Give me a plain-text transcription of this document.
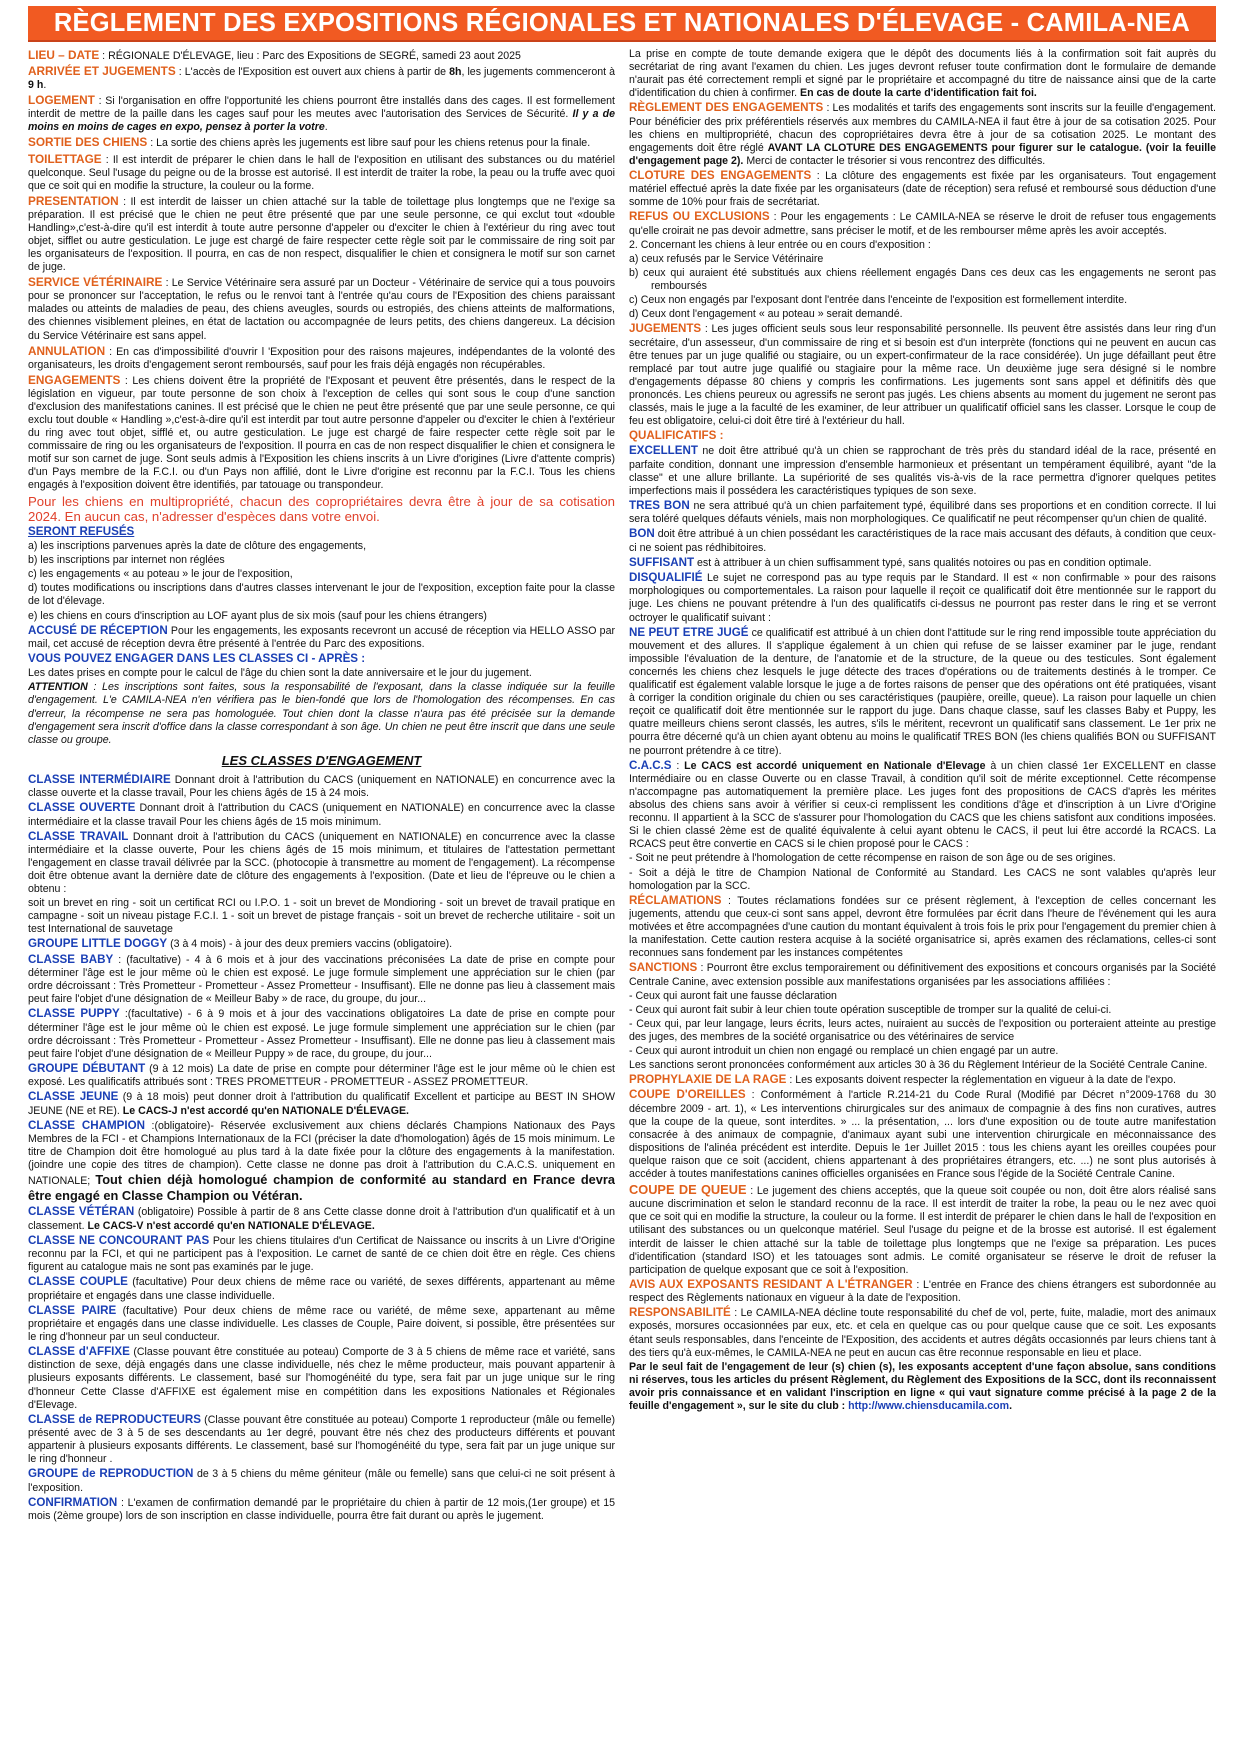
RÈGLEMENT DES EXPOSITIONS RÉGIONALES ET NATIONALES D'ÉLEVAGE - CAMILA-NEA

LIEU – DATE : RÉGIONALE D'ÉLEVAGE, lieu : Parc des Expositions de SEGRÉ, samedi 23 aout 2025

ARRIVÉE ET JUGEMENTS : L'accès de l'Exposition est ouvert aux chiens à partir de 8h, les jugements commenceront à 9 h.

LOGEMENT : Si l'organisation en offre l'opportunité les chiens pourront être installés dans des cages. Il est formellement interdit de mettre de la paille dans les cages sauf pour les meutes avec l'autorisation des Services de Sécurité. Il y a de moins en moins de cages en expo, pensez à porter la votre.

SORTIE DES CHIENS : La sortie des chiens après les jugements est libre sauf pour les chiens retenus pour la finale.

TOILETTAGE : Il est interdit de préparer le chien dans le hall de l'exposition en utilisant des substances ou du matériel quelconque. Seul l'usage du peigne ou de la brosse est autorisé. Il est interdit de traiter la robe, la peau ou la truffe avec quoi que ce soit qui en modifie la structure, la couleur ou la forme.

PRESENTATION : Il est interdit de laisser un chien attaché sur la table de toilettage plus longtemps que ne l'exige sa préparation. Il est précisé que le chien ne peut être présenté que par une seule personne, ce qui exclut tout «double Handling»,c'est-à-dire qu'il est interdit à toute autre personne d'appeler ou d'exciter le chien à l'extérieur du ring avec tout objet, sifflet ou autre gesticulation. Le juge est chargé de faire respecter cette règle soit par le commissaire de ring soit par les organisateurs de l'exposition. Il pourra, en cas de non respect, disqualifier le chien et consignera le motif sur son carnet de juge.

SERVICE VÉTÉRINAIRE : Le Service Vétérinaire sera assuré par un Docteur - Vétérinaire de service qui a tous pouvoirs pour se prononcer sur l'acceptation, le refus ou le renvoi tant à l'entrée qu'au cours de l'Exposition des chiens paraissant malades ou atteints de maladies de peau, des chiens aveugles, sourds ou estropiés, des chiens atteints de malformations, des chiennes visiblement pleines, en état de lactation ou accompagnée de leurs petits, des chiens dangereux. La décision du Service Vétérinaire est sans appel.

ANNULATION : En cas d'impossibilité d'ouvrir l 'Exposition pour des raisons majeures, indépendantes de la volonté des organisateurs, les droits d'engagement seront remboursés, sauf pour les frais déjà engagés non récupérables.

ENGAGEMENTS : Les chiens doivent être la propriété de l'Exposant et peuvent être présentés, dans le respect de la législation en vigueur, par toute personne de son choix à l'exception de celles qui sont sous le coup d'une sanction d'exclusion des manifestations canines. Il est précisé que le chien ne peut être présenté que par une seule personne, ce qui exclu tout double « Handling »,c'est-à-dire qu'il est interdit par tout autre personne d'appeler ou d'exciter le chien à l'extérieur du ring avec tout objet, sifflé et, ou autre gesticulation. Le juge est chargé de faire respecter cette règle soit par le commissaire de ring ou les organisateurs de l'exposition. Il pourra en cas de non respect disqualifier le chien et consignera le motif sur son carnet de juge. Sont seuls admis à l'Exposition les chiens inscrits à un Livre d'origines (Livre d'attente compris) d'un Pays membre de la F.C.I. ou d'un Pays non affilié, dont le Livre d'origine est reconnu par la F.C.I. Tous les chiens engagés à l'exposition doivent être identifiés, par tatouage ou transpondeur.

Pour les chiens en multipropriété, chacun des copropriétaires devra être à jour de sa cotisation 2024. En aucun cas, n'adresser d'espèces dans votre envoi.

SERONT REFUSÉS

a) les inscriptions parvenues après la date de clôture des engagements,

b) les inscriptions par internet non réglées

c) les engagements « au poteau » le jour de l'exposition,

d) toutes modifications ou inscriptions dans d'autres classes intervenant le jour de l'exposition, exception faite pour la classe de lot d'élevage.

e) les chiens en cours d'inscription au LOF ayant plus de six mois (sauf pour les chiens étrangers)

ACCUSÉ DE RÉCEPTION Pour les engagements, les exposants recevront un accusé de réception via HELLO ASSO par mail, cet accusé de réception devra être présenté à l'entrée du Parc des expositions.

VOUS POUVEZ ENGAGER DANS LES CLASSES CI - APRÈS :

Les dates prises en compte pour le calcul de l'âge du chien sont la date anniversaire et le jour du jugement.

ATTENTION : Les inscriptions sont faites, sous la responsabilité de l'exposant, dans la classe indiquée sur la feuille d'engagement. L'e CAMILA-NEA n'en vérifiera pas le bien-fondé que lors de l'homologation des récompenses. En cas d'erreur, la récompense ne sera pas homologuée. Tout chien dont la classe n'aura pas été précisée sur la demande d'engagement sera inscrit d'office dans la classe correspondant à son âge. Un chien ne peut être inscrit que dans une seule classe ou groupe.

LES CLASSES D'ENGAGEMENT

CLASSE INTERMÉDIAIRE Donnant droit à l'attribution du CACS (uniquement en NATIONALE) en concurrence avec la classe ouverte et la classe travail, Pour les chiens âgés de 15 à 24 mois.

CLASSE OUVERTE Donnant droit à l'attribution du CACS (uniquement en NATIONALE) en concurrence avec la classe intermédiaire et la classe travail Pour les chiens âgés de 15 mois minimum.

CLASSE TRAVAIL Donnant droit à l'attribution du CACS (uniquement en NATIONALE) en concurrence avec la classe intermédiaire et la classe ouverte, Pour les chiens âgés de 15 mois minimum, et titulaires de l'attestation permettant l'engagement en classe travail délivrée par la SCC. (photocopie à transmettre au moment de l'engagement). La récompense doit être obtenue avant la dernière date de clôture des engagements à l'exposition. (Date et lieu de l'épreuve ou le chien a obtenu :

soit un brevet en ring - soit un certificat RCI ou I.P.O. 1 - soit un brevet de Mondioring - soit un brevet de travail pratique en campagne - soit un niveau pistage F.C.I. 1 - soit un brevet de pistage français - soit un brevet de recherche utilitaire - soit un test International de sauvetage

GROUPE LITTLE DOGGY (3 à 4 mois) - à jour des deux premiers vaccins (obligatoire).

CLASSE BABY : (facultative) - 4 à 6 mois et à jour des vaccinations préconisées La date de prise en compte pour déterminer l'âge est le jour même où le chien est exposé. Le juge formule simplement une appréciation sur le chien (par ordre décroissant : Très Prometteur - Prometteur - Assez Prometteur - Insuffisant). Elle ne donne pas lieu à classement mais peut faire l'objet d'une désignation de « Meilleur Baby » de race, du groupe, du jour...

CLASSE PUPPY :(facultative) - 6 à 9 mois et à jour des vaccinations obligatoires La date de prise en compte pour déterminer l'âge est le jour même où le chien est exposé. Le juge formule simplement une appréciation sur le chien (par ordre décroissant : Très Prometteur - Prometteur - Assez Prometteur - Insuffisant). Elle ne donne pas lieu à classement mais peut faire l'objet d'une désignation de « Meilleur Puppy » de race, du groupe, du jour...

GROUPE DÉBUTANT (9 à 12 mois) La date de prise en compte pour déterminer l'âge est le jour même où le chien est exposé. Les qualificatifs attribués sont : TRES PROMETTEUR - PROMETTEUR - ASSEZ PROMETTEUR.

CLASSE JEUNE (9 à 18 mois) peut donner droit à l'attribution du qualificatif Excellent et participe au BEST IN SHOW JEUNE (NE et RE). Le CACS-J n'est accordé qu'en NATIONALE D'ÉLEVAGE.

CLASSE CHAMPION :(obligatoire)- Réservée exclusivement aux chiens déclarés Champions Nationaux des Pays Membres de la FCI - et Champions Internationaux de la FCI (préciser la date d'homologation) âgés de 15 mois minimum. Le titre de Champion doit être homologué au plus tard à la date fixée pour la clôture des engagements à la manifestation. (joindre une copie des titres de champion). Cette classe ne donne pas droit à l'attribution du C.A.C.S. uniquement en NATIONALE; Tout chien déjà homologué champion de conformité au standard en France devra être engagé en Classe Champion ou Vétéran.

CLASSE VÉTÉRAN (obligatoire) Possible à partir de 8 ans Cette classe donne droit à l'attribution d'un qualificatif et à un classement. Le CACS-V n'est accordé qu'en NATIONALE D'ÉLEVAGE.

CLASSE NE CONCOURANT PAS Pour les chiens titulaires d'un Certificat de Naissance ou inscrits à un Livre d'Origine reconnu par la FCI, et qui ne participent pas à l'exposition. Le carnet de santé de ce chien doit être en règle. Ces chiens figurent au catalogue mais ne sont pas examinés par le juge.

CLASSE COUPLE (facultative) Pour deux chiens de même race ou variété, de sexes différents, appartenant au même propriétaire et engagés dans une classe individuelle.

CLASSE PAIRE (facultative) Pour deux chiens de même race ou variété, de même sexe, appartenant au même propriétaire et engagés dans une classe individuelle. Les classes de Couple, Paire doivent, si possible, être présentées sur le ring d'honneur par un seul conducteur.

CLASSE d'AFFIXE (Classe pouvant être constituée au poteau) Comporte de 3 à 5 chiens de même race et variété, sans distinction de sexe, déjà engagés dans une classe individuelle, nés chez le même producteur, mais pouvant appartenir à plusieurs exposants différents. Le classement, basé sur l'homogénéité du type, sera fait par un juge unique sur le ring d'honneur Cette Classe d'AFFIXE est également mise en compétition dans les expositions Nationales et Régionales d'Elevage.

CLASSE de REPRODUCTEURS (Classe pouvant être constituée au poteau) Comporte 1 reproducteur (mâle ou femelle) présenté avec de 3 à 5 de ses descendants au 1er degré, pouvant être nés chez des producteurs différents et pouvant appartenir à plusieurs exposants différents. Le classement, basé sur l'homogénéité du type, sera fait par un juge unique sur le ring d'honneur .

GROUPE de REPRODUCTION de 3 à 5 chiens du même géniteur (mâle ou femelle) sans que celui-ci ne soit présent à l'exposition.

CONFIRMATION : L'examen de confirmation demandé par le propriétaire du chien à partir de 12 mois,(1er groupe) et 15 mois (2ème groupe) lors de son inscription en classe individuelle, pourra être fait durant ou après le jugement.

La prise en compte de toute demande exigera que le dépôt des documents liés à la confirmation soit fait auprès du secrétariat de ring avant l'examen du chien. Les juges devront refuser toute confirmation dont le formulaire de demande n'aurait pas été correctement rempli et signé par le propriétaire et accompagné du titre de naissance ainsi que de la carte d'identification du chien à confirmer. En cas de doute la carte d'identification fait foi.

RÈGLEMENT DES ENGAGEMENTS : Les modalités et tarifs des engagements sont inscrits sur la feuille d'engagement. Pour bénéficier des prix préférentiels réservés aux membres du CAMILA-NEA il faut être à jour de sa cotisation 2025. Pour les chiens en multipropriété, chacun des copropriétaires devra être à jour de sa cotisation 2025. Le montant des engagements doit être réglé AVANT LA CLOTURE DES ENGAGEMENTS pour figurer sur le catalogue. (voir la feuille d'engagement page 2). Merci de contacter le trésorier si vous rencontrez des difficultés.

CLOTURE DES ENGAGEMENTS : La clôture des engagements est fixée par les organisateurs. Tout engagement matériel effectué après la date fixée par les organisateurs (date de réception) sera refusé et remboursé sous déduction d'une somme de 10% pour frais de secrétariat.

REFUS OU EXCLUSIONS : Pour les engagements : Le CAMILA-NEA se réserve le droit de refuser tous engagements qu'elle croirait ne pas devoir admettre, sans préciser le motif, et de les rembourser même après les avoir acceptés.

2. Concernant les chiens à leur entrée ou en cours d'exposition :

a) ceux refusés par le Service Vétérinaire

b) ceux qui auraient été substitués aux chiens réellement engagés Dans ces deux cas les engagements ne seront pas remboursés

c) Ceux non engagés par l'exposant dont l'entrée dans l'enceinte de l'exposition est formellement interdite.

d) Ceux dont l'engagement « au poteau » serait demandé.

JUGEMENTS : Les juges officient seuls sous leur responsabilité personnelle. Ils peuvent être assistés dans leur ring d'un secrétaire, d'un assesseur, d'un commissaire de ring et si besoin est d'un interprète (fonctions qui ne peuvent en aucun cas être tenues par un juge qualifié ou stagiaire, ou un expert-confirmateur de la race considérée). Un juge défaillant peut être remplacé par tout autre juge qualifié ou stagiaire pour la même race. Un deuxième juge sera désigné si le nombre d'engagements dépasse 80 chiens y compris les confirmations. Les jugements sont sans appel et définitifs dès que prononcés. Les chiens peureux ou agressifs ne seront pas jugés. Les chiens absents au moment du jugement ne seront pas classés, mais le juge a la faculté de les examiner, de leur attribuer un qualificatif officiel sans les classer. Lorsque le coup de feu est obligatoire, celui-ci doit être tiré à l'extérieur du hall.

QUALIFICATIFS :

EXCELLENT ne doit être attribué qu'à un chien se rapprochant de très près du standard idéal de la race, présenté en parfaite condition, donnant une impression d'ensemble harmonieux et présentant un tempérament équilibré, ayant "de la classe" et une allure brillante. La supériorité de ses qualités vis-à-vis de la race permettra d'ignorer quelques petites imperfections mais il possédera les caractéristiques typiques de son sexe.

TRES BON ne sera attribué qu'à un chien parfaitement typé, équilibré dans ses proportions et en condition correcte. Il lui sera toléré quelques défauts véniels, mais non morphologiques. Ce qualificatif ne peut récompenser qu'un chien de qualité.

BON doit être attribué à un chien possédant les caractéristiques de la race mais accusant des défauts, à condition que ceux-ci ne soient pas rédhibitoires.

SUFFISANT est à attribuer à un chien suffisamment typé, sans qualités notoires ou pas en condition optimale.

DISQUALIFIÉ Le sujet ne correspond pas au type requis par le Standard. Il est « non confirmable » pour des raisons morphologiques ou comportementales. La raison pour laquelle il reçoit ce qualificatif doit être mentionnée sur le rapport du juge. Les chiens ne pouvant prétendre à l'un des qualificatifs ci-dessus ne pourront pas rester dans le ring et se verront octroyer le qualificatif suivant :

NE PEUT ETRE JUGÉ ce qualificatif est attribué à un chien dont l'attitude sur le ring rend impossible toute appréciation du mouvement et des allures. Il s'applique également à un chien qui refuse de se laisser examiner par le juge, rendant impossible l'évaluation de la denture, de l'anatomie et de la structure, de la queue ou des testicules. Sont également concernés les chiens chez lesquels le juge détecte des traces d'opérations ou de traitements destinés à le tromper. Ce qualificatif est également valable lorsque le juge a de fortes raisons de penser que des opérations ont été pratiquées, visant à corriger la condition originale du chien ou ses caractéristiques (paupière, oreille, queue). La raison pour laquelle un chien reçoit ce qualificatif doit être mentionnée sur le rapport du juge. Dans chaque classe, sauf les classes Baby et Puppy, les quatre meilleurs chiens seront classés, les autres, s'ils le méritent, recevront un qualificatif sans classement. Le 1er prix ne pourra être décerné qu'à un chien ayant obtenu au moins le qualificatif TRES BON (les chiens qualifiés BON ou SUFFISANT ne pourront prétendre à ce titre).

C.A.C.S : Le CACS est accordé uniquement en Nationale d'Elevage à un chien classé 1er EXCELLENT en classe Intermédiaire ou en classe Ouverte ou en classe Travail, à condition qu'il soit de mérite exceptionnel. Cette récompense n'accompagne pas automatiquement la première place. Les juges font des propositions de CACS d'après les mérites absolus des chiens sans avoir à vérifier si ceux-ci remplissent les conditions d'âge et d'inscription à un Livre d'Origine reconnu. Il appartient à la SCC de s'assurer pour l'homologation du CACS que les chiens satisfont aux conditions imposées. Si le chien classé 2ème est de qualité équivalente à celui ayant obtenu le CACS, il peut lui être accordé la RCACS. La RCACS peut être convertie en CACS si le chien proposé pour le CACS :

- Soit ne peut prétendre à l'homologation de cette récompense en raison de son âge ou de ses origines.

- Soit a déjà le titre de Champion National de Conformité au Standard. Les CACS ne sont valables qu'après leur homologation par la SCC.

RÉCLAMATIONS : Toutes réclamations fondées sur ce présent règlement, à l'exception de celles concernant les jugements, attendu que ceux-ci sont sans appel, devront être formulées par écrit dans l'heure de l'événement qui les aura motivées et être accompagnées d'une caution du montant équivalent à trois fois le prix pour l'engagement du premier chien à la manifestation. Cette caution restera acquise à la société organisatrice si, après examen des réclamations, celles-ci sont reconnues sans fondement par les instances compétentes

SANCTIONS : Pourront être exclus temporairement ou définitivement des expositions et concours organisés par la Société Centrale Canine, avec extension possible aux manifestations organisées par les associations affiliées :

- Ceux qui auront fait une fausse déclaration

- Ceux qui auront fait subir à leur chien toute opération susceptible de tromper sur la qualité de celui-ci.

- Ceux qui, par leur langage, leurs écrits, leurs actes, nuiraient au succès de l'exposition ou porteraient atteinte au prestige des juges, des membres de la société organisatrice ou des vétérinaires de service

- Ceux qui auront introduit un chien non engagé ou remplacé un chien engagé par un autre.

Les sanctions seront prononcées conformément aux articles 30 à 36 du Règlement Intérieur de la Société Centrale Canine.

PROPHYLAXIE DE LA RAGE : Les exposants doivent respecter la réglementation en vigueur à la date de l'expo.

COUPE D'OREILLES : Conformément à l'article R.214-21 du Code Rural (Modifié par Décret n°2009-1768 du 30 décembre 2009 - art. 1), « Les interventions chirurgicales sur des animaux de compagnie à des fins non curatives, autres que la coupe de la queue, sont interdites. » ... la présentation, ... lors d'une exposition ou de toute autre manifestation consacrée à des animaux de compagnie, d'animaux ayant subi une intervention chirurgicale en méconnaissance des dispositions de l'alinéa précédent est interdite. Depuis le 1er Juillet 2015 : tous les chiens ayant les oreilles coupées pour quelque raison que ce soit (accident, chiens appartenant à des propriétaires étrangers, etc. ...) ne sont plus autorisés à accéder à toutes manifestations canines officielles organisées en France sous l'égide de la Société Centrale Canine.

COUPE DE QUEUE : Le jugement des chiens acceptés, que la queue soit coupée ou non, doit être alors réalisé sans aucune discrimination et selon le standard reconnu de la race. Il est interdit de traiter la robe, la peau ou le nez avec quoi que ce soit qui en modifie la structure, la couleur ou la forme. Il est interdit de préparer le chien dans le hall de l'exposition en utilisant des substances ou un quelconque matériel. Seul l'usage du peigne et de la brosse est autorisé. Il est également interdit de laisser le chien attaché sur la table de toilettage plus longtemps que ne l'exige sa préparation. Les puces d'identification (standard ISO) et les tatouages sont admis. Le comité organisateur se réserve le droit de refuser la participation de quelque exposant que ce soit à l'exposition.

AVIS AUX EXPOSANTS RESIDANT A L'ÉTRANGER : L'entrée en France des chiens étrangers est subordonnée au respect des Règlements nationaux en vigueur à la date de l'exposition.

RESPONSABILITÉ : Le CAMILA-NEA décline toute responsabilité du chef de vol, perte, fuite, maladie, mort des animaux exposés, morsures occasionnées par eux, etc. et cela en quelque cas ou pour quelque cause que ce soit. Les exposants étant seuls responsables, dans l'enceinte de l'Exposition, des accidents et autres dégâts occasionnés par leurs chiens tant à des tiers qu'à eux-mêmes, le CAMILA-NEA ne peut en aucun cas être reconnue responsable en lieu et place.

Par le seul fait de l'engagement de leur (s) chien (s), les exposants acceptent d'une façon absolue, sans conditions ni réserves, tous les articles du présent Règlement, du Règlement des Expositions de la SCC, dont ils reconnaissent avoir pris connaissance et en validant l'inscription en ligne « qui vaut signature comme précisé à la page 2 de la feuille d'engagement », sur le site du club : http://www.chiensducamila.com.
